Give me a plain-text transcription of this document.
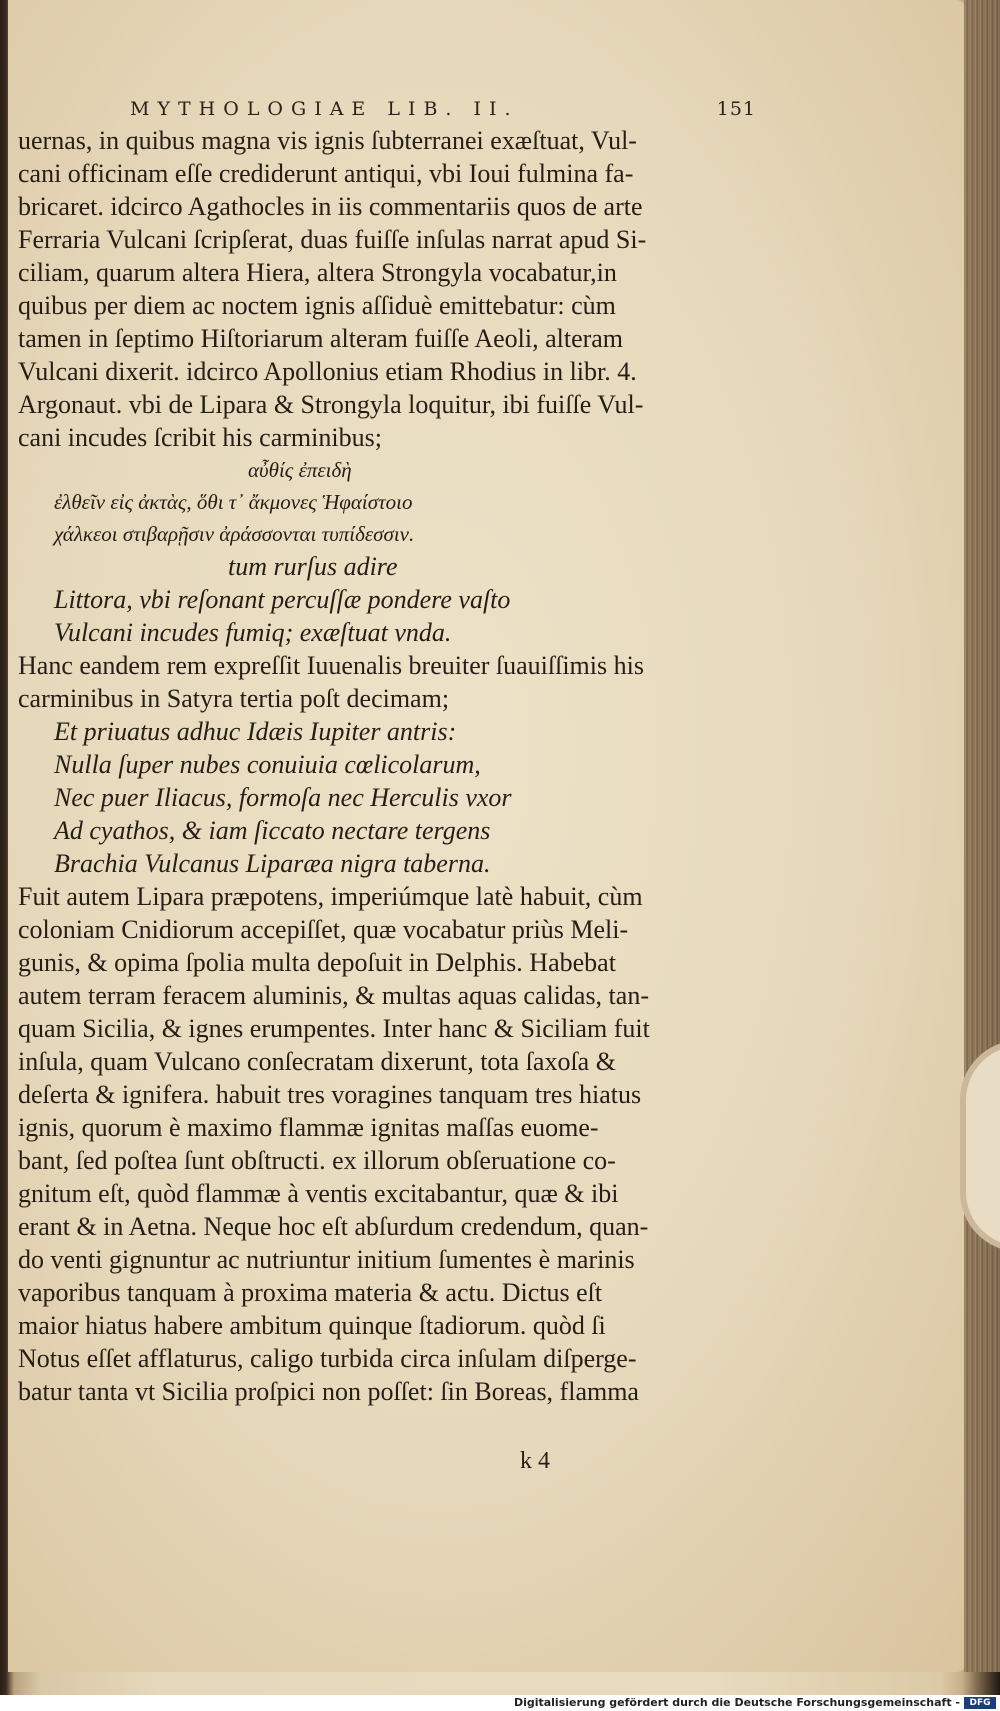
MYTHOLOGIAE LIB. II.	151
uernas, in quibus magna vis ignis ſubterranei exæſtuat, Vul-
cani officinam eſſe crediderunt antiqui, vbi Ioui fulmina fa-
bricaret. idcirco Agathocles in iis commentariis quos de arte
Ferraria Vulcani ſcripſerat, duas fuiſſe inſulas narrat apud Si-
ciliam, quarum altera Hiera, altera Strongyla vocabatur,in
quibus per diem ac noctem ignis aſſiduè emittebatur: cùm
tamen in ſeptimo Hiſtoriarum alteram fuiſſe Aeoli, alteram
Vulcani dixerit. idcirco Apollonius etiam Rhodius in libr. 4.
Argonaut. vbi de Lipara & Strongyla loquitur, ibi fuiſſe Vul-
cani incudes ſcribit his carminibus;
αὖθίς ἐπειδὴ
ἐλθεῖν εἰς ἀκτὰς, ὅθι τ᾽ ἄκμονες Ἡφαίστοιο
χάλκεοι στιβαρῇσιν ἀράσσονται τυπίδεσσιν.
tum rurſus adire
Littora, vbi reſonant percuſſæ pondere vaſto
Vulcani incudes fumiq; exæſtuat vnda.
Hanc eandem rem expreſſit Iuuenalis breuiter ſuauiſſimis his
carminibus in Satyra tertia poſt decimam;
Et priuatus adhuc Idæis Iupiter antris:
Nulla ſuper nubes conuiuia cœlicolarum,
Nec puer Iliacus, formoſa nec Herculis vxor
Ad cyathos, & iam ſiccato nectare tergens
Brachia Vulcanus Liparæa nigra taberna.
Fuit autem Lipara præpotens, imperiúmque latè habuit, cùm
coloniam Cnidiorum accepiſſet, quæ vocabatur priùs Meli-
gunis, & opima ſpolia multa depoſuit in Delphis. Habebat
autem terram feracem aluminis, & multas aquas calidas, tan-
quam Sicilia, & ignes erumpentes. Inter hanc & Siciliam fuit
inſula, quam Vulcano conſecratam dixerunt, tota ſaxoſa &
deſerta & ignifera. habuit tres voragines tanquam tres hiatus
ignis, quorum è maximo flammæ ignitas maſſas euome-
bant, ſed poſtea ſunt obſtructi. ex illorum obſeruatione co-
gnitum eſt, quòd flammæ à ventis excitabantur, quæ & ibi
erant & in Aetna. Neque hoc eſt abſurdum credendum, quan-
do venti gignuntur ac nutriuntur initium ſumentes è marinis
vaporibus tanquam à proxima materia & actu. Dictus eſt
maior hiatus habere ambitum quinque ſtadiorum. quòd ſi
Notus eſſet afflaturus, caligo turbida circa inſulam diſperge-
batur tanta vt Sicilia proſpici non poſſet: ſin Boreas, flamma
k 4
Digitalisierung gefördert durch die Deutsche Forschungsgemeinschaft -	DFG
